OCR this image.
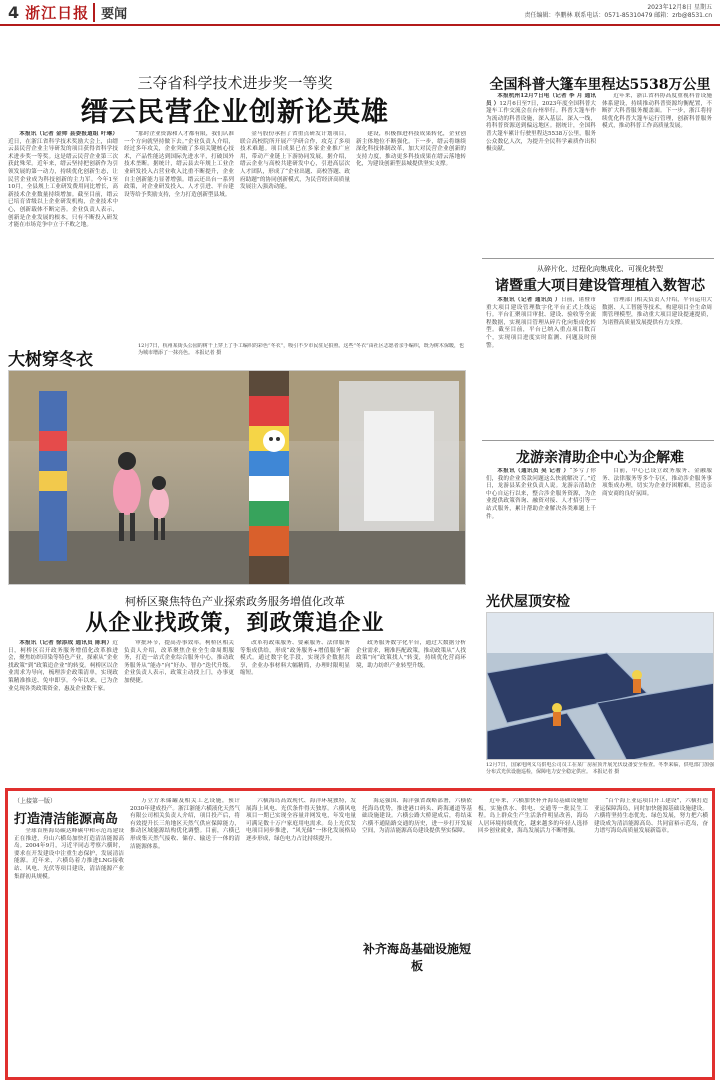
4 浙江日报 要闻	2023年12月8日 星期五
责任编辑：李鹏林 联系电话：0571-85310479 邮箱：zrb@8531.cn
三夺省科学技术进步奖一等奖
缙云民营企业创新论英雄

本报讯（记者 金帅 县委报道组 叶琳）近日，在浙江省科学技术奖励大会上，由缙云县民营企业主导研发的项目获得省科学技术进步奖一等奖。这是缙云民营企业第三次获此殊荣。近年来，缙云坚持把创新作为引领发展的第一动力，持续优化创新生态，让民营企业成为科技创新的主力军。今年1至10月，全县规上工业研发费用同比增长，高新技术企业数量持续增加。截至目前，缙云已培育省级以上企业研发机构，企业技术中心，创新载体不断完善。企业负责人表示，创新是企业发展的根本，只有不断投入研发才能在市场竞争中立于不败之地。

“那时企业资源和人才都有限，我们认准一个方向就坚持做下去。”企业负责人介绍，经过多年攻关，企业突破了多项关键核心技术，产品性能达到国际先进水平，打破国外技术垄断。据统计，缙云县去年规上工业企业研发投入占营业收入比重不断提升，企业自主创新能力显著增强。缙云还出台一系列政策，对企业研发投入、人才引进、平台建设等给予奖励支持，全力打造创新型县域。

金马股份承担了省重点研发计划项目，联合高校院所开展产学研合作，攻克了多项技术难题。项目成果已在多家企业推广应用，带动产业链上下游协同发展。据介绍，缙云企业与高校共建研发中心，引进高层次人才团队，形成了“企业出题、高校答题、政府助题”的协同创新模式，为民营经济高质量发展注入强劲动能。

建设，积极推进科技成果转化，企业创新主体地位不断强化。下一步，缙云将继续深化科技体制改革，加大对民营企业创新的支持力度，推动更多科技成果在缙云落地转化，为建设创新型县城提供坚实支撑。

大树穿冬衣
12月7日，杭州某街头公园的树干上穿上了手工编织的彩色“冬衣”，吸引不少市民驻足拍照。这些“冬衣”由社区志愿者亲手编织，既为树木保暖，也为城市增添了一抹亮色。 本报记者 摄
全国科普大篷车里程达5538万公里

本报杭州12月7日电（记者 李 月 通讯员 ）12月6日至7日，2023年度全国科普大篷车工作交流会在台州举行。科普大篷车作为流动的科普设施，深入基层、深入一线，将科普资源送到偏远地区。据统计，全国科普大篷车累计行驶里程达5538万公里，服务公众数亿人次，为提升全民科学素质作出积极贡献。

近年来，浙江省科协高度重视科普设施体系建设，持续推动科普资源均衡配置，不断扩大科普服务覆盖面。下一步，浙江将持续优化科普大篷车运行管理，创新科普服务模式，推动科普工作高质量发展。

从碎片化、过程化向集成化、可视化转型
诸暨重大项目建设管理植入数智芯

本报讯（记者 通讯员 ）日前，诸暨市重大项目建设管理数字化平台正式上线运行。平台汇聚项目审批、建设、验收等全流程数据，实现项目管理从碎片化向集成化转型。截至目前，平台已纳入重点项目数百个，实现项目进度实时监测、问题及时预警。

管理部门相关负责人介绍，平台运用大数据、人工智能等技术，构建项目全生命周期管理模型，推动重大项目建设提速提质，为诸暨高质量发展提供有力支撑。

龙游亲清助企中心为企解难

本报讯（通讯员 吴 记者 ）“多亏了你们，我的企业贷款问题这么快就解决了。”近日，龙游县某企业负责人说。龙游亲清助企中心自运行以来，整合涉企服务资源，为企业提供政策咨询、融资对接、人才招引等一站式服务，累计帮助企业解决各类难题上千件。

目前，中心已设立政务服务、金融服务、法律服务等多个专区，推动涉企服务事项集成办理，切实为企业纾困解难，营造亲商安商的良好氛围。

柯桥区聚焦特色产业探索政务服务增值化改革
从企业找政策，到政策追企业

本报讯（记者 徐添成 通讯员 陈莉）近日，柯桥区召开政务服务增值化改革推进会，聚焦纺织印染等特色产业，探索从“企业找政策”到“政策追企业”的转变。柯桥区以企业需求为导向，梳理涉企政策清单，实现政策精准推送、免申即享。今年以来，已为企业兑现各类政策资金，惠及企业数千家。

审批环节，提高办事效率。柯桥区相关负责人介绍，改革聚焦企业全生命周期服务，打造一站式企业综合服务中心，推动政务服务从“能办”向“好办、智办”迭代升级。企业负责人表示，政策主动找上门，办事更加便捷。

改革将政策服务、要素服务、法律服务等集成供给，形成“政务服务+增值服务”新模式。通过数字化手段，实现涉企数据共享，企业办事材料大幅精简，办理时限明显缩短。

政务服务数字化平台，通过大数据分析企业需求，精准匹配政策，推动政策从“人找政策”向“政策找人”转变，持续优化营商环境，助力纺织产业转型升级。

光伏屋顶安检
12月7日，国家电网义乌供电公司员工在某厂房屋顶开展光伏设备安全检查。冬季来临，供电部门加强分布式光伏设施巡检，保障电力安全稳定供应。 本报记者 摄
（上接第一版）
打造清洁能源高岛

全球首座海岛碳达峰碳中和示范岛建设正在推进，舟山六横岛加快打造清洁能源高岛。2004年9月，习近平同志考察六横时，要求在开发建设中注重生态保护，发展清洁能源。近年来，六横岛着力推进LNG接收站、风电、光伏等项目建设，清洁能源产业集群初具规模。

万立方米储罐及相关工艺设施，预计2030年建成投产。浙江浙能六横液化天然气有限公司相关负责人介绍，项目投产后，将有效提升长三角地区天然气供应保障能力，推动区域能源结构优化调整。目前，六横已形成集天然气接收、储存、输送于一体的清洁能源体系。

六横海岛高效现代、海洋环境独特，发展海上风电、光伏条件得天独厚。六横风电项目一期已实现全容量并网发电，年发电量可满足数十万户家庭用电需求。岛上光伏发电项目同步推进，“风光储”一体化发展格局逐步形成，绿色电力占比持续提升。

海运强国、海洋强省战略部署，六横依托海岛优势，推进港口码头、跨海通道等基础设施建设。六横公路大桥建成后，将结束六横不通陆路交通的历史，进一步打开发展空间，为清洁能源高岛建设提供坚实保障。

补齐海岛基础设施短板

近年来，六横加快补齐海岛基础设施短板，实施供水、供电、交通等一批民生工程。岛上群众生产生活条件明显改善，海岛人居环境持续优化，越来越多的年轻人选择回乡创业就业，海岛发展活力不断增强。

“百个海上亚运项目开工建设”，六横打造亚运保障海岛，同时加快能源基础设施建设。六横将坚持生态优先、绿色发展，努力把六横建设成为清洁能源高岛、共同富裕示范岛，奋力谱写海岛高质量发展新篇章。
